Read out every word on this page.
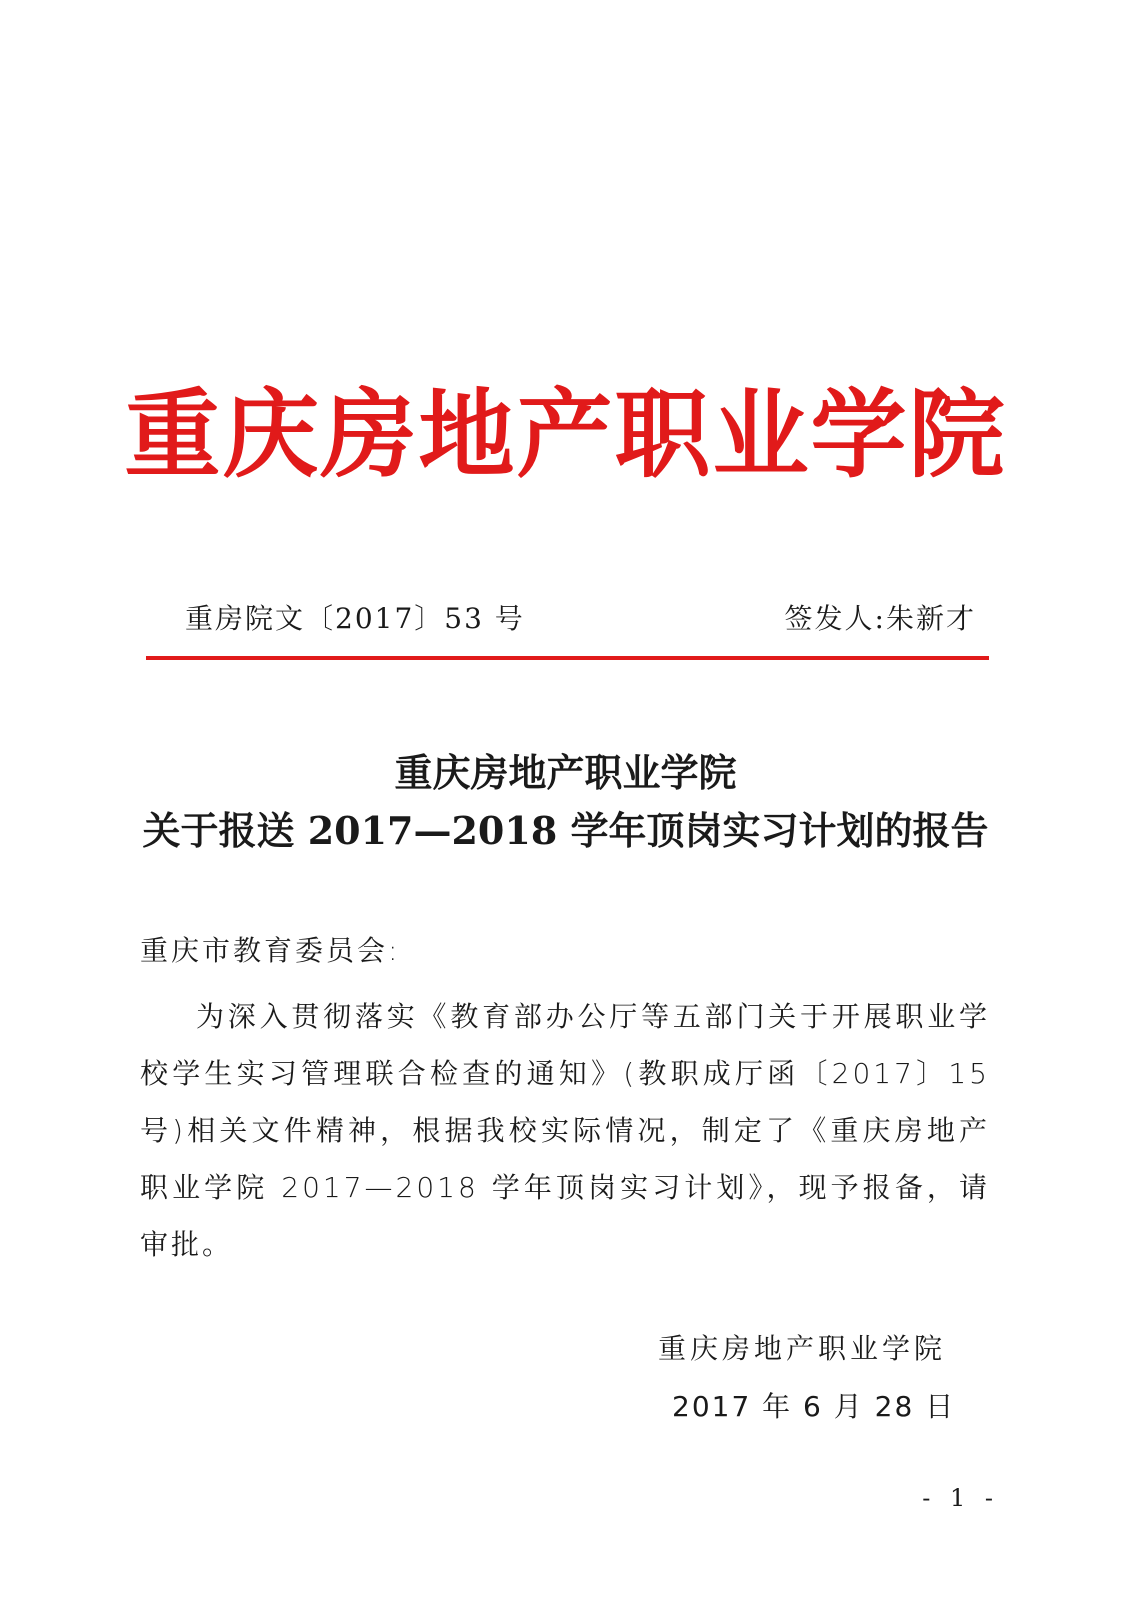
重庆房地产职业学院
重房院文〔2017〕53 号	签发人:朱新才
重庆房地产职业学院
关于报送 2017—2018 学年顶岗实习计划的报告
重庆市教育委员会:
为深入贯彻落实《教育部办公厅等五部门关于开展职业学校学生实习管理联合检查的通知》(教职成厅函〔2017〕15 号)相关文件精神，根据我校实际情况，制定了《重庆房地产职业学院 2017—2018 学年顶岗实习计划》，现予报备，请审批。
重庆房地产职业学院
2017 年 6 月 28 日
- 1 -
